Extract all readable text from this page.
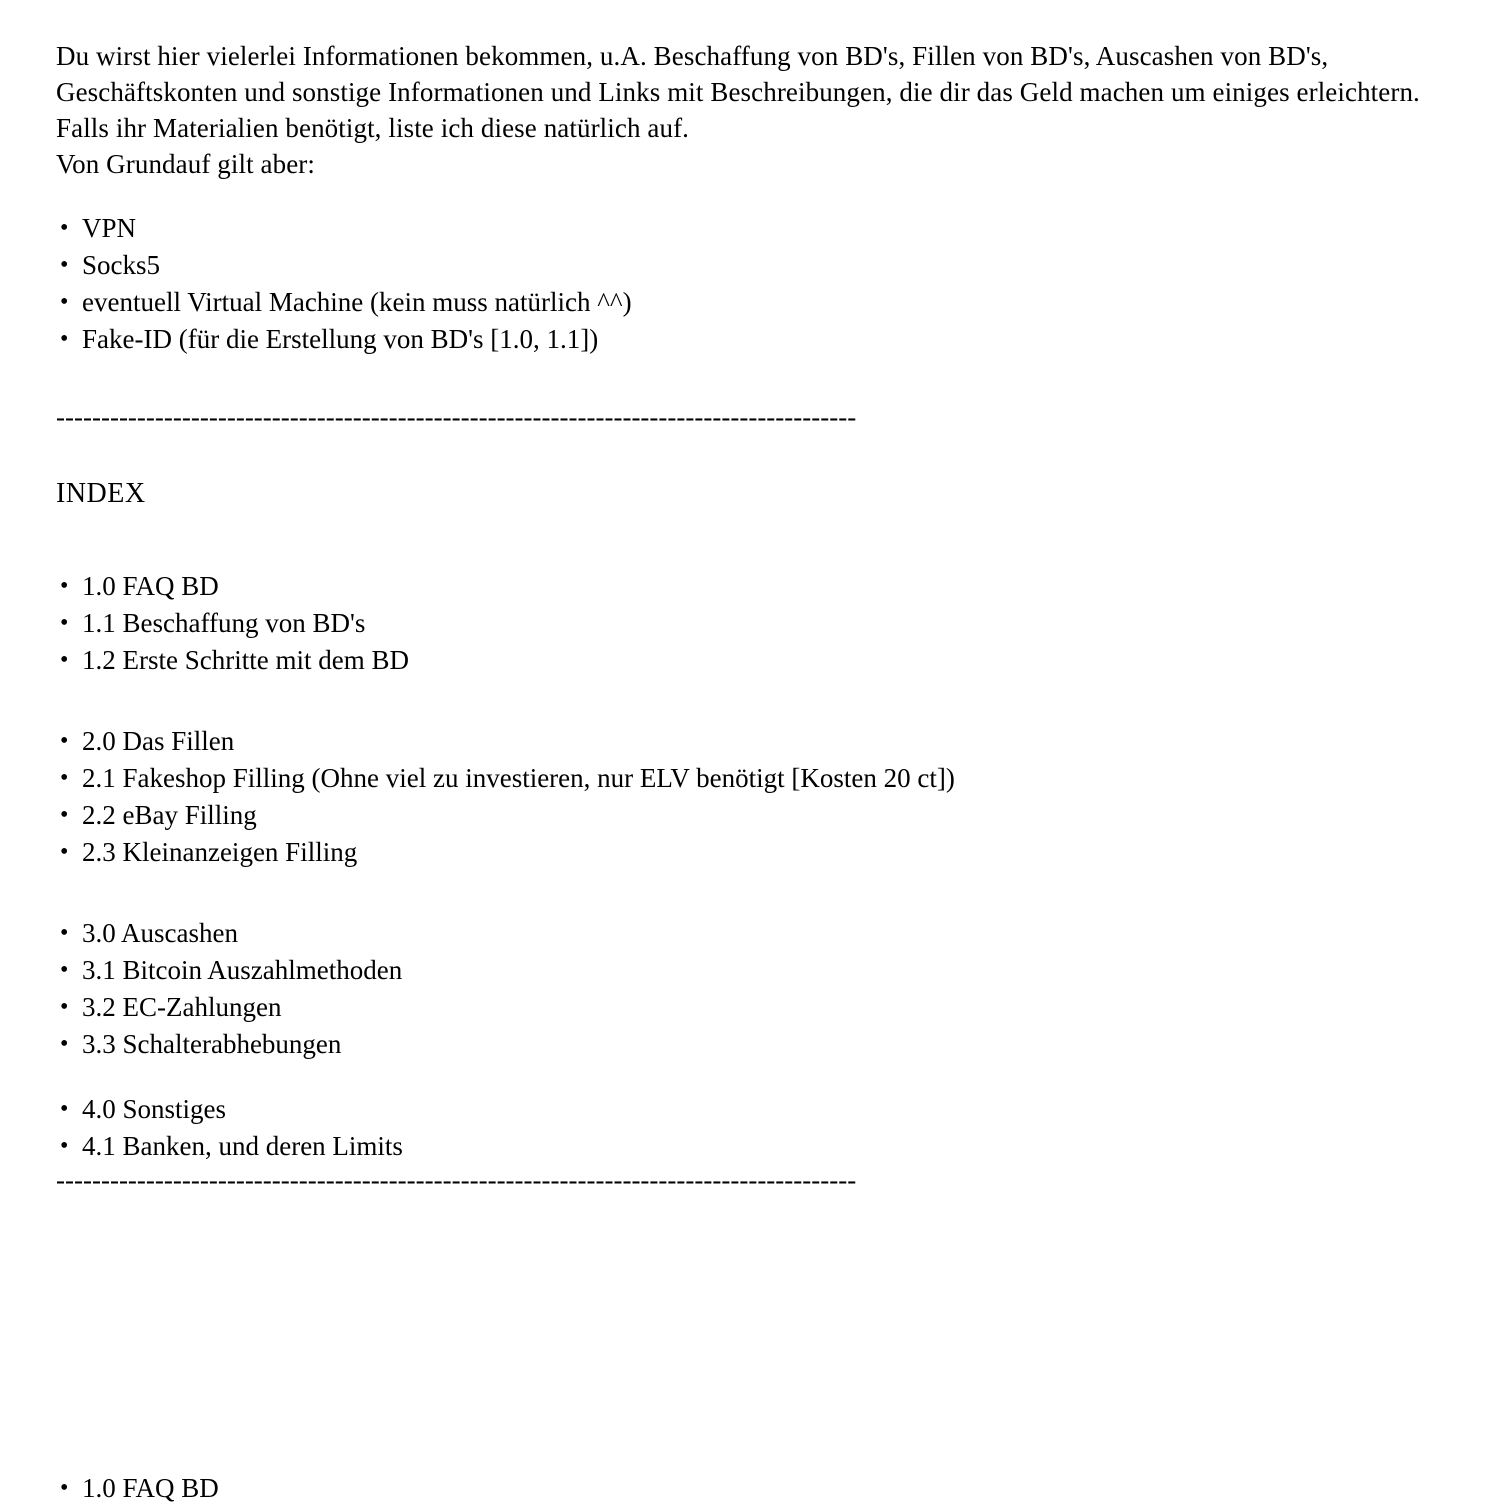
Du wirst hier vielerlei Informationen bekommen, u.A. Beschaffung von BD's, Fillen von BD's, Auscashen von BD's,

Geschäftskonten und sonstige Informationen und Links mit Beschreibungen, die dir das Geld machen um einiges erleichtern.

Falls ihr Materialien benötigt, liste ich diese natürlich auf.

Von Grundauf gilt aber:

• VPN
• Socks5
• eventuell Virtual Machine (kein muss natürlich ^^)
• Fake-ID (für die Erstellung von BD's [1.0, 1.1])
-----------------------------------------------------------------------------------------
INDEX
• 1.0 FAQ BD
• 1.1 Beschaffung von BD's
• 1.2 Erste Schritte mit dem BD
• 2.0 Das Fillen
• 2.1 Fakeshop Filling (Ohne viel zu investieren, nur ELV benötigt [Kosten 20 ct])
• 2.2 eBay Filling
• 2.3 Kleinanzeigen Filling
• 3.0 Auscashen
• 3.1 Bitcoin Auszahlmethoden
• 3.2 EC-Zahlungen
• 3.3 Schalterabhebungen
• 4.0 Sonstiges
• 4.1 Banken, und deren Limits
-----------------------------------------------------------------------------------------
• 1.0 FAQ BD
